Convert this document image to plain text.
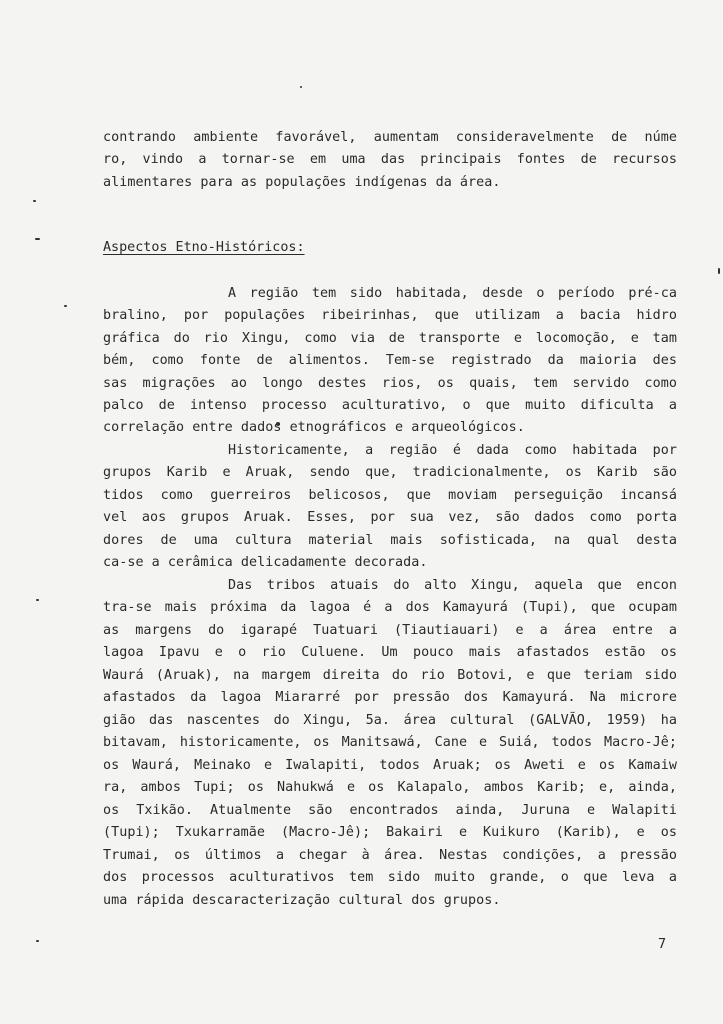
contrando ambiente favorável, aumentam consideravelmente de núme
ro, vindo a tornar-se em uma das principais fontes de recursos
alimentares para as populações indígenas da área.
Aspectos Etno-Históricos:
A região tem sido habitada, desde o período pré-ca
bralino, por populações ribeirinhas, que utilizam a bacia hidro
gráfica do rio Xingu, como via de transporte e locomoção, e tam
bém, como fonte de alimentos. Tem-se registrado da maioria des
sas migrações ao longo destes rios, os quais, tem servido como
palco de intenso processo aculturativo, o que muito dificulta a
correlação entre dados etnográficos e arqueológicos.
Historicamente, a região é dada como habitada por
grupos Karib e Aruak, sendo que, tradicionalmente, os Karib são
tidos como guerreiros belicosos, que moviam perseguição incansá
vel aos grupos Aruak. Esses, por sua vez, são dados como porta
dores de uma cultura material mais sofisticada, na qual desta
ca-se a cerâmica delicadamente decorada.
Das tribos atuais do alto Xingu, aquela que encon
tra-se mais próxima da lagoa é a dos Kamayurá (Tupi), que ocupam
as margens do igarapé Tuatuari (Tiautiauari) e a área entre a
lagoa Ipavu e o rio Culuene. Um pouco mais afastados estão os
Waurá (Aruak), na margem direita do rio Botovi, e que teriam sido
afastados da lagoa Miararré por pressão dos Kamayurá. Na microre
gião das nascentes do Xingu, 5a. área cultural (GALVÃO, 1959) ha
bitavam, historicamente, os Manitsawá, Cane e Suiá, todos Macro-Jê;
os Waurá, Meinako e Iwalapiti, todos Aruak; os Aweti e os Kamaiw
ra, ambos Tupi; os Nahukwá e os Kalapalo, ambos Karib; e, ainda,
os Txikão. Atualmente são encontrados ainda, Juruna e Walapiti
(Tupi); Txukarramãe (Macro-Jê); Bakairi e Kuikuro (Karib), e os
Trumai, os últimos a chegar à área. Nestas condições, a pressão
dos processos aculturativos tem sido muito grande, o que leva a
uma rápida descaracterização cultural dos grupos.
7
